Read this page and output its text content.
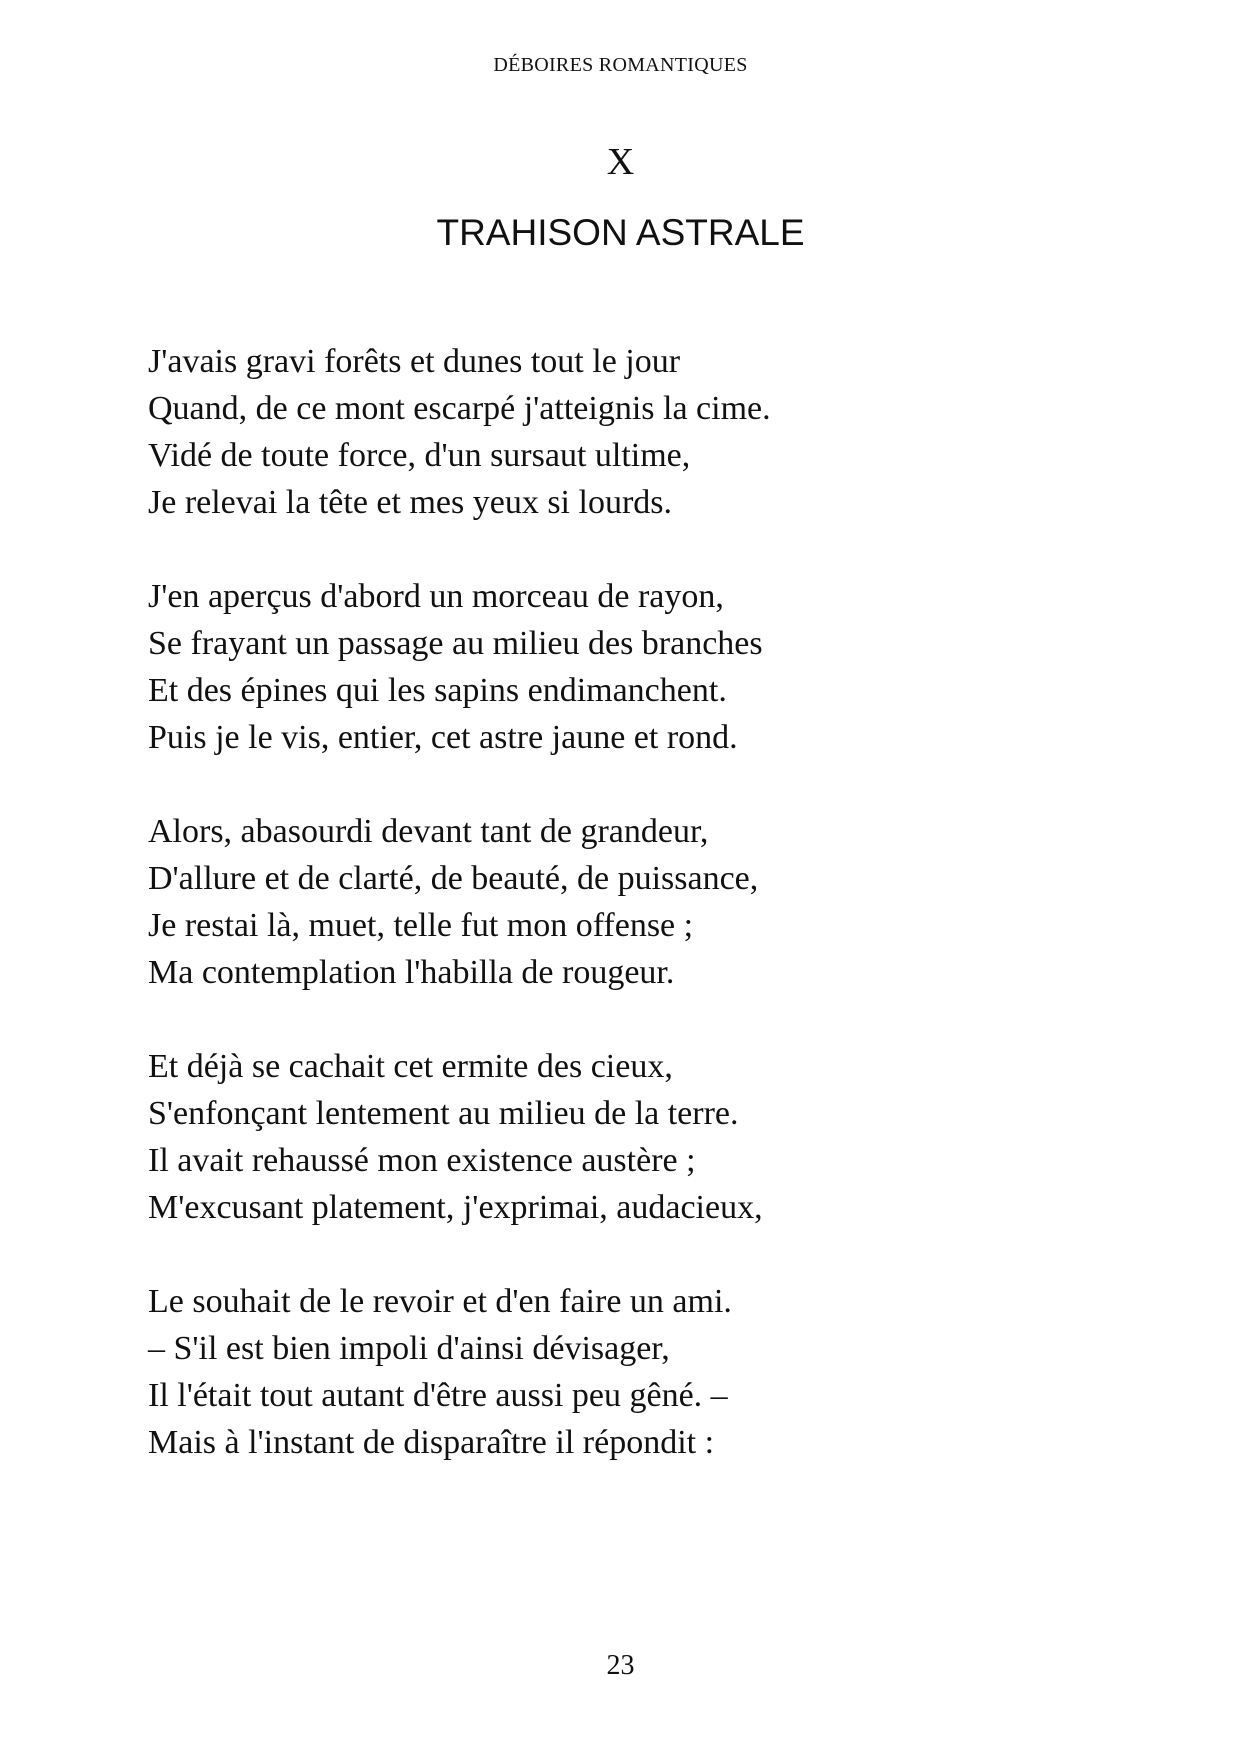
DÉBOIRES ROMANTIQUES
X
TRAHISON ASTRALE
J'avais gravi forêts et dunes tout le jour
Quand, de ce mont escarpé j'atteignis la cime.
Vidé de toute force, d'un sursaut ultime,
Je relevai la tête et mes yeux si lourds.
J'en aperçus d'abord un morceau de rayon,
Se frayant un passage au milieu des branches
Et des épines qui les sapins endimanchent.
Puis je le vis, entier, cet astre jaune et rond.
Alors, abasourdi devant tant de grandeur,
D'allure et de clarté, de beauté, de puissance,
Je restai là, muet, telle fut mon offense ;
Ma contemplation l'habilla de rougeur.
Et déjà se cachait cet ermite des cieux,
S'enfonçant lentement au milieu de la terre.
Il avait rehaussé mon existence austère ;
M'excusant platement, j'exprimai, audacieux,
Le souhait de le revoir et d'en faire un ami.
– S'il est bien impoli d'ainsi dévisager,
Il l'était tout autant d'être aussi peu gêné. –
Mais à l'instant de disparaître il répondit :
23
